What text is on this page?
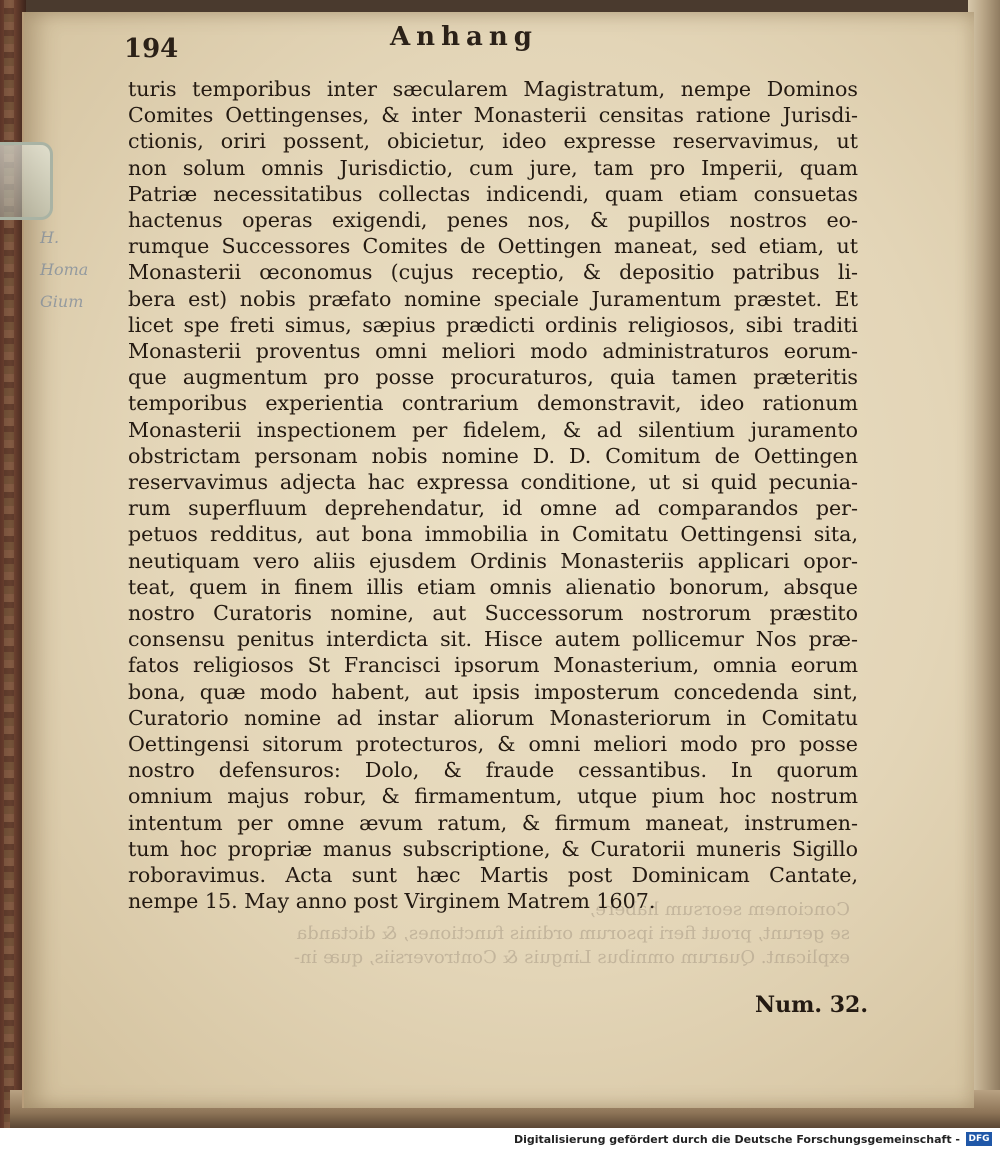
Concionem seorsum habere,
se gerunt, prout fieri ipsorum ordinis functiones, & dictanda
explicant. Quarum omnibus Linguis & Controversiis, quæ in-
H.
Homa
Gium
194	Anhang
turis temporibus inter sæcularem Magistratum, nempe Dominos
Comites Oettingenses, & inter Monasterii censitas ratione Jurisdi-
ctionis, oriri possent, obicietur, ideo expresse reservavimus, ut
non solum omnis Jurisdictio, cum jure, tam pro Imperii, quam
Patriæ necessitatibus collectas indicendi, quam etiam consuetas
hactenus operas exigendi, penes nos, & pupillos nostros eo-
rumque Successores Comites de Oettingen maneat, sed etiam, ut
Monasterii œconomus (cujus receptio, & depositio patribus li-
bera est) nobis præfato nomine speciale Juramentum præstet. Et
licet spe freti simus, sæpius prædicti ordinis religiosos, sibi traditi
Monasterii proventus omni meliori modo administraturos eorum-
que augmentum pro posse procuraturos, quia tamen præteritis
temporibus experientia contrarium demonstravit, ideo rationum
Monasterii inspectionem per fidelem, & ad silentium juramento
obstrictam personam nobis nomine D. D. Comitum de Oettingen
reservavimus adjecta hac expressa conditione, ut si quid pecunia-
rum superfluum deprehendatur, id omne ad comparandos per-
petuos redditus, aut bona immobilia in Comitatu Oettingensi sita,
neutiquam vero aliis ejusdem Ordinis Monasteriis applicari opor-
teat, quem in finem illis etiam omnis alienatio bonorum, absque
nostro Curatoris nomine, aut Successorum nostrorum præstito
consensu penitus interdicta sit. Hisce autem pollicemur Nos præ-
fatos religiosos St Francisci ipsorum Monasterium, omnia eorum
bona, quæ modo habent, aut ipsis imposterum concedenda sint,
Curatorio nomine ad instar aliorum Monasteriorum in Comitatu
Oettingensi sitorum protecturos, & omni meliori modo pro posse
nostro defensuros: Dolo, & fraude cessantibus. In quorum
omnium majus robur, & firmamentum, utque pium hoc nostrum
intentum per omne ævum ratum, & firmum maneat, instrumen-
tum hoc propriæ manus subscriptione, & Curatorii muneris Sigillo
roboravimus. Acta sunt hæc Martis post Dominicam Cantate,
nempe 15. May anno post Virginem Matrem 1607.
Num. 32.
Digitalisierung gefördert durch die Deutsche Forschungsgemeinschaft - DFG
